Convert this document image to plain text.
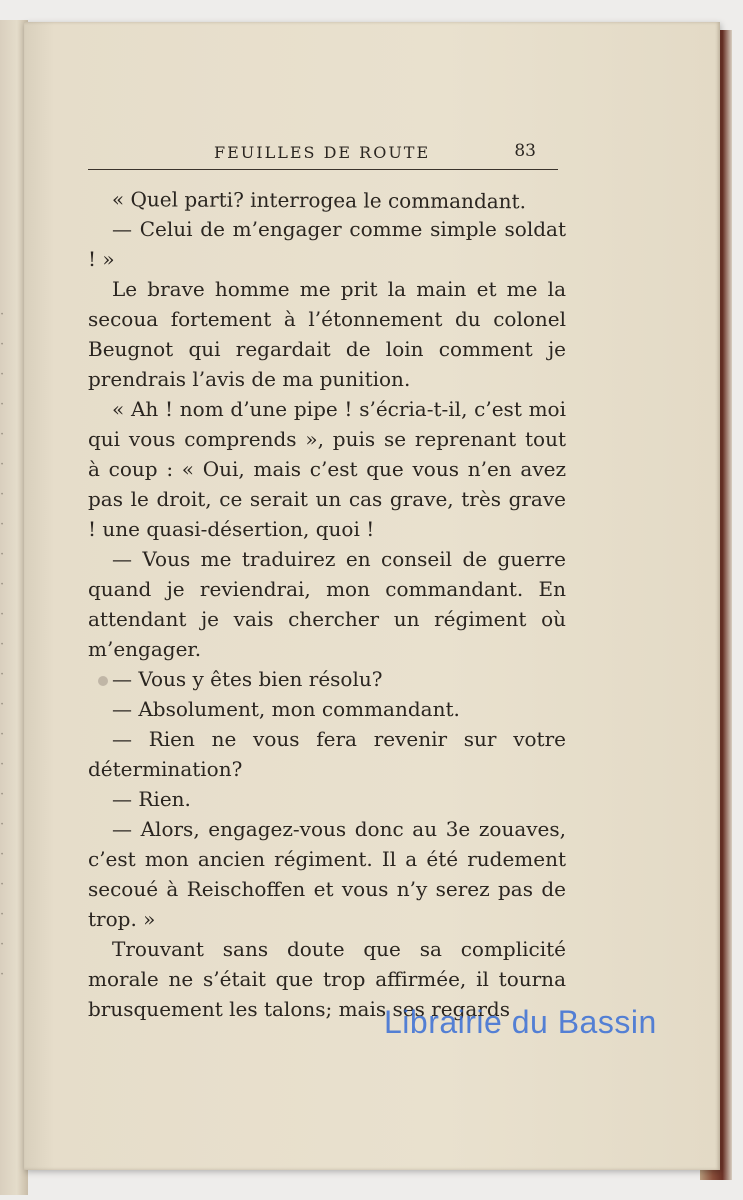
·
·
·
·
·
·
·
·
·
·
·
·
·
·
·
·
·
·
·
·
·
·
·
FEUILLES DE ROUTE	83

« Quel parti? interrogea le commandant.

— Celui de m’engager comme simple soldat ! »

Le brave homme me prit la main et me la secoua fortement à l’étonnement du colonel Beugnot qui regardait de loin comment je prendrais l’avis de ma punition.

« Ah ! nom d’une pipe ! s’écria-t-il, c’est moi qui vous comprends », puis se reprenant tout à coup : « Oui, mais c’est que vous n’en avez pas le droit, ce serait un cas grave, très grave ! une quasi-désertion, quoi !

— Vous me traduirez en conseil de guerre quand je reviendrai, mon commandant. En attendant je vais chercher un régiment où m’engager.

— Vous y êtes bien résolu?

— Absolument, mon commandant.

— Rien ne vous fera revenir sur votre détermination?

— Rien.

— Alors, engagez-vous donc au 3e zouaves, c’est mon ancien régiment. Il a été rudement secoué à Reischoffen et vous n’y serez pas de trop. »

Trouvant sans doute que sa complicité morale ne s’était que trop affirmée, il tourna brusquement les talons; mais ses regards

Librairie du Bassin
